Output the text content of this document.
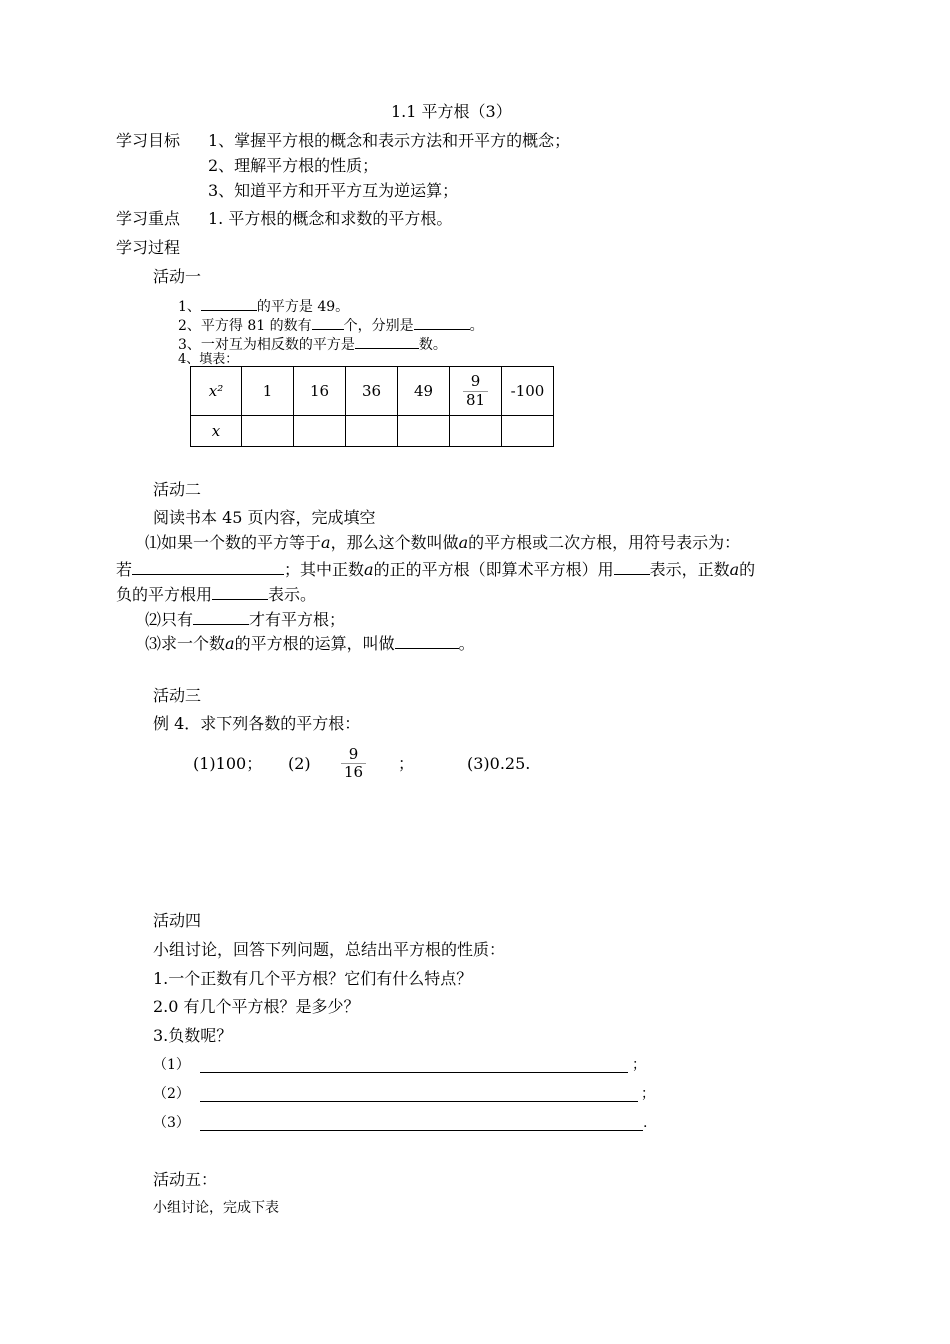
1.1 平方根（3）
学习目标 1、掌握平方根的概念和表示方法和开平方的概念；
2、理解平方根的性质；
3、知道平方和开平方互为逆运算；
学习重点 1. 平方根的概念和求数的平方根。
学习过程
活动一
1、	的平方是 49。
2、平方得 81 的数有 个，分别是	。
3、一对互为相反数的平方是	数。
4、填表：
x²	1	16	36	49	$\frac{9}{81}$	-100
x						
活动二
阅读书本 45 页内容，完成填空
⑴如果一个数的平方等于a，那么这个数叫做a的平方根或二次方根，用符号表示为：
若	；其中正数a的正的平方根（即算术平方根）用 表示，正数a的
负的平方根用	表示。
⑵只有	才有平方根；
⑶求一个数a的平方根的运算，叫做	。
活动三
例 4．求下列各数的平方根：
(1)100； $(2) \frac{9}{16}$ ；	(3)0.25.
活动四
小组讨论，回答下列问题，总结出平方根的性质：
1.一个正数有几个平方根？它们有什么特点？
2.0 有几个平方根？是多少？
3.负数呢？
（1）	；
（2）	；
（3）	.
活动五：
小组讨论，完成下表
